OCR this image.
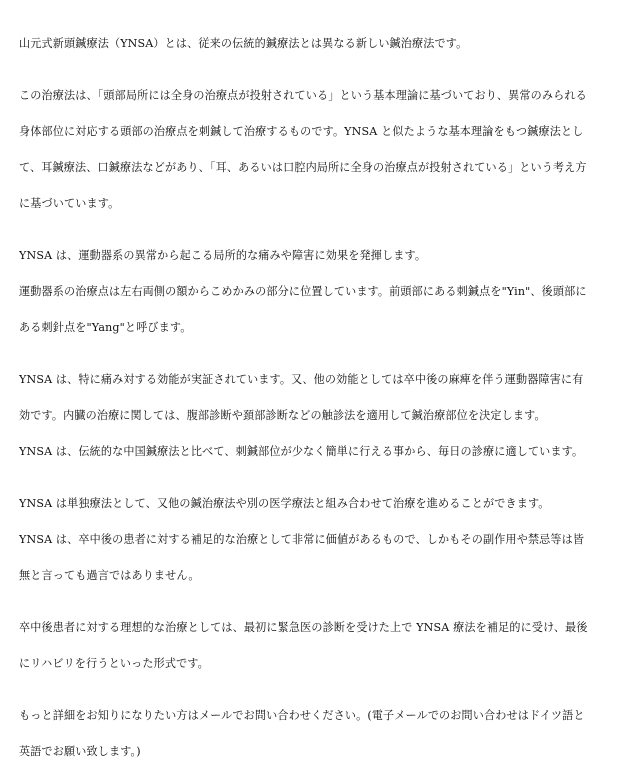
山元式新頭鍼療法（YNSA）とは、従来の伝統的鍼療法とは異なる新しい鍼治療法です。
この治療法は、「頭部局所には全身の治療点が投射されている」という基本理論に基づいており、異常のみられる
身体部位に対応する頭部の治療点を刺鍼して治療するものです。YNSA と似たような基本理論をもつ鍼療法とし
て、耳鍼療法、口鍼療法などがあり、「耳、あるいは口腔内局所に全身の治療点が投射されている」という考え方
に基づいています。
YNSA は、運動器系の異常から起こる局所的な痛みや障害に効果を発揮します。
運動器系の治療点は左右両側の額からこめかみの部分に位置しています。前頭部にある刺鍼点を"Yin"、後頭部に
ある刺針点を"Yang"と呼びます。
YNSA は、特に痛み対する効能が実証されています。又、他の効能としては卒中後の麻痺を伴う運動器障害に有
効です。内臓の治療に関しては、腹部診断や頚部診断などの触診法を適用して鍼治療部位を決定します。
YNSA は、伝統的な中国鍼療法と比べて、刺鍼部位が少なく簡単に行える事から、毎日の診療に適しています。
YNSA は単独療法として、又他の鍼治療法や別の医学療法と組み合わせて治療を進めることができます。
YNSA は、卒中後の患者に対する補足的な治療として非常に価値があるもので、しかもその副作用や禁忌等は皆
無と言っても過言ではありません。
卒中後患者に対する理想的な治療としては、最初に緊急医の診断を受けた上で YNSA 療法を補足的に受け、最後
にリハビリを行うといった形式です。
もっと詳細をお知りになりたい方はメールでお問い合わせください。(電子メールでのお問い合わせはドイツ語と
英語でお願い致します。)
